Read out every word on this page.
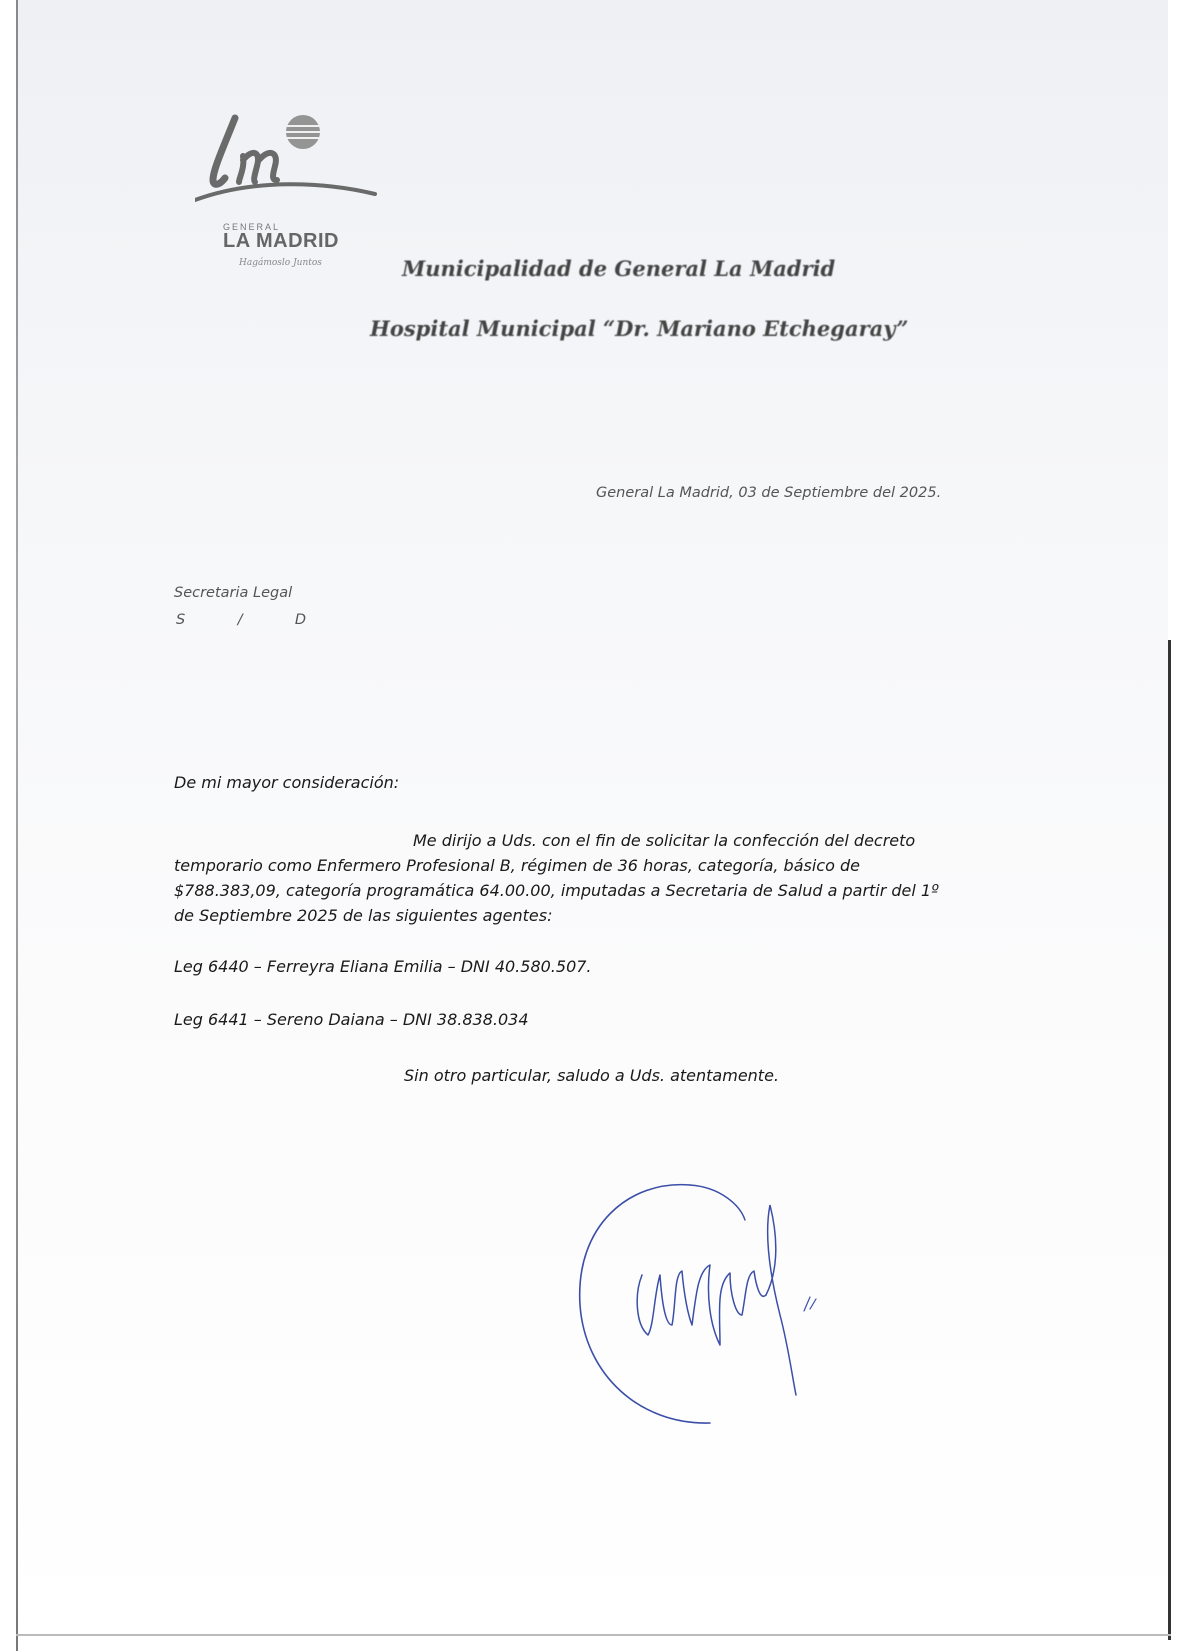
GENERAL
LA MADRID
Hagámoslo Juntos	Municipalidad de General La Madrid
Hospital Municipal “Dr. Mariano Etchegaray”
General La Madrid, 03 de Septiembre del 2025.
Secretaria Legal
S	/	D
De mi mayor consideración:
Me dirijo a Uds. con el fin de solicitar la confección del decreto
temporario como Enfermero Profesional B, régimen de 36 horas, categoría, básico de
$788.383,09, categoría programática 64.00.00, imputadas a Secretaria de Salud a partir del 1º
de Septiembre 2025 de las siguientes agentes:
Leg 6440 – Ferreyra Eliana Emilia – DNI 40.580.507.
Leg 6441 – Sereno Daiana – DNI 38.838.034
Sin otro particular, saludo a Uds. atentamente.
